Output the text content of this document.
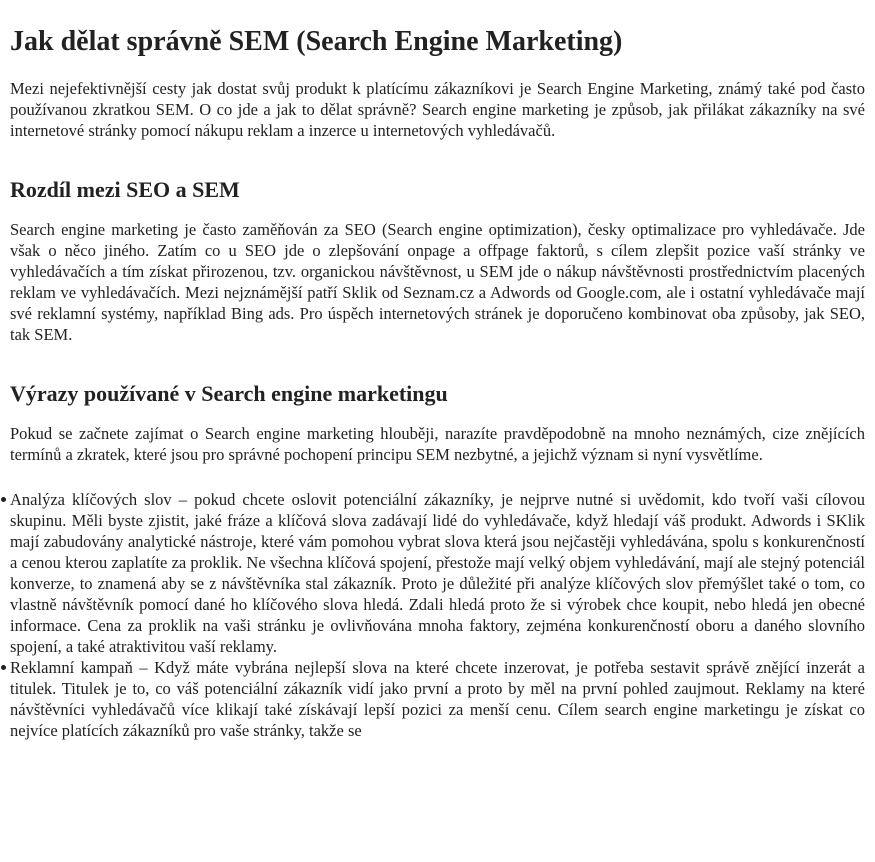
Jak dělat správně SEM (Search Engine Marketing)

Mezi nejefektivnější cesty jak dostat svůj produkt k platícímu zákazníkovi je Search Engine Marketing, známý také pod často používanou zkratkou SEM. O co jde a jak to dělat správně? Search engine marketing je způsob, jak přilákat zákazníky na své internetové stránky pomocí nákupu reklam a inzerce u internetových vyhledávačů.

Rozdíl mezi SEO a SEM

Search engine marketing je často zaměňován za SEO (Search engine optimization), česky optimalizace pro vyhledávače. Jde však o něco jiného. Zatím co u SEO jde o zlepšování onpage a offpage faktorů, s cílem zlepšit pozice vaší stránky ve vyhledávačích a tím získat přirozenou, tzv. organickou návštěvnost, u SEM jde o nákup návštěvnosti prostřednictvím placených reklam ve vyhledávačích. Mezi nejznámější patří Sklik od Seznam.cz a Adwords od Google.com, ale i ostatní vyhledávače mají své reklamní systémy, například Bing ads. Pro úspěch internetových stránek je doporučeno kombinovat oba způsoby, jak SEO, tak SEM.

Výrazy používané v Search engine marketingu

Pokud se začnete zajímat o Search engine marketing hlouběji, narazíte pravděpodobně na mnoho neznámých, cize znějících termínů a zkratek, které jsou pro správné pochopení principu SEM nezbytné, a jejichž význam si nyní vysvětlíme.

Analýza klíčových slov – pokud chcete oslovit potenciální zákazníky, je nejprve nutné si uvědomit, kdo tvoří vaši cílovou skupinu. Měli byste zjistit, jaké fráze a klíčová slova zadávají lidé do vyhledávače, když hledají váš produkt. Adwords i SKlik mají zabudovány analytické nástroje, které vám pomohou vybrat slova která jsou nejčastěji vyhledávána, spolu s konkurenčností a cenou kterou zaplatíte za proklik. Ne všechna klíčová spojení, přestože mají velký objem vyhledávání, mají ale stejný potenciál konverze, to znamená aby se z návštěvníka stal zákazník. Proto je důležité při analýze klíčových slov přemýšlet také o tom, co vlastně návštěvník pomocí dané ho klíčového slova hledá. Zdali hledá proto že si výrobek chce koupit, nebo hledá jen obecné informace. Cena za proklik na vaši stránku je ovlivňována mnoha faktory, zejména konkurenčností oboru a daného slovního spojení, a také atraktivitou vaší reklamy.
Reklamní kampaň – Když máte vybrána nejlepší slova na které chcete inzerovat, je potřeba sestavit správě znějící inzerát a titulek. Titulek je to, co váš potenciální zákazník vidí jako první a proto by měl na první pohled zaujmout. Reklamy na které návštěvníci vyhledávačů více klikají také získávají lepší pozici za menší cenu. Cílem search engine marketingu je získat co nejvíce platících zákazníků pro vaše stránky, takže se
